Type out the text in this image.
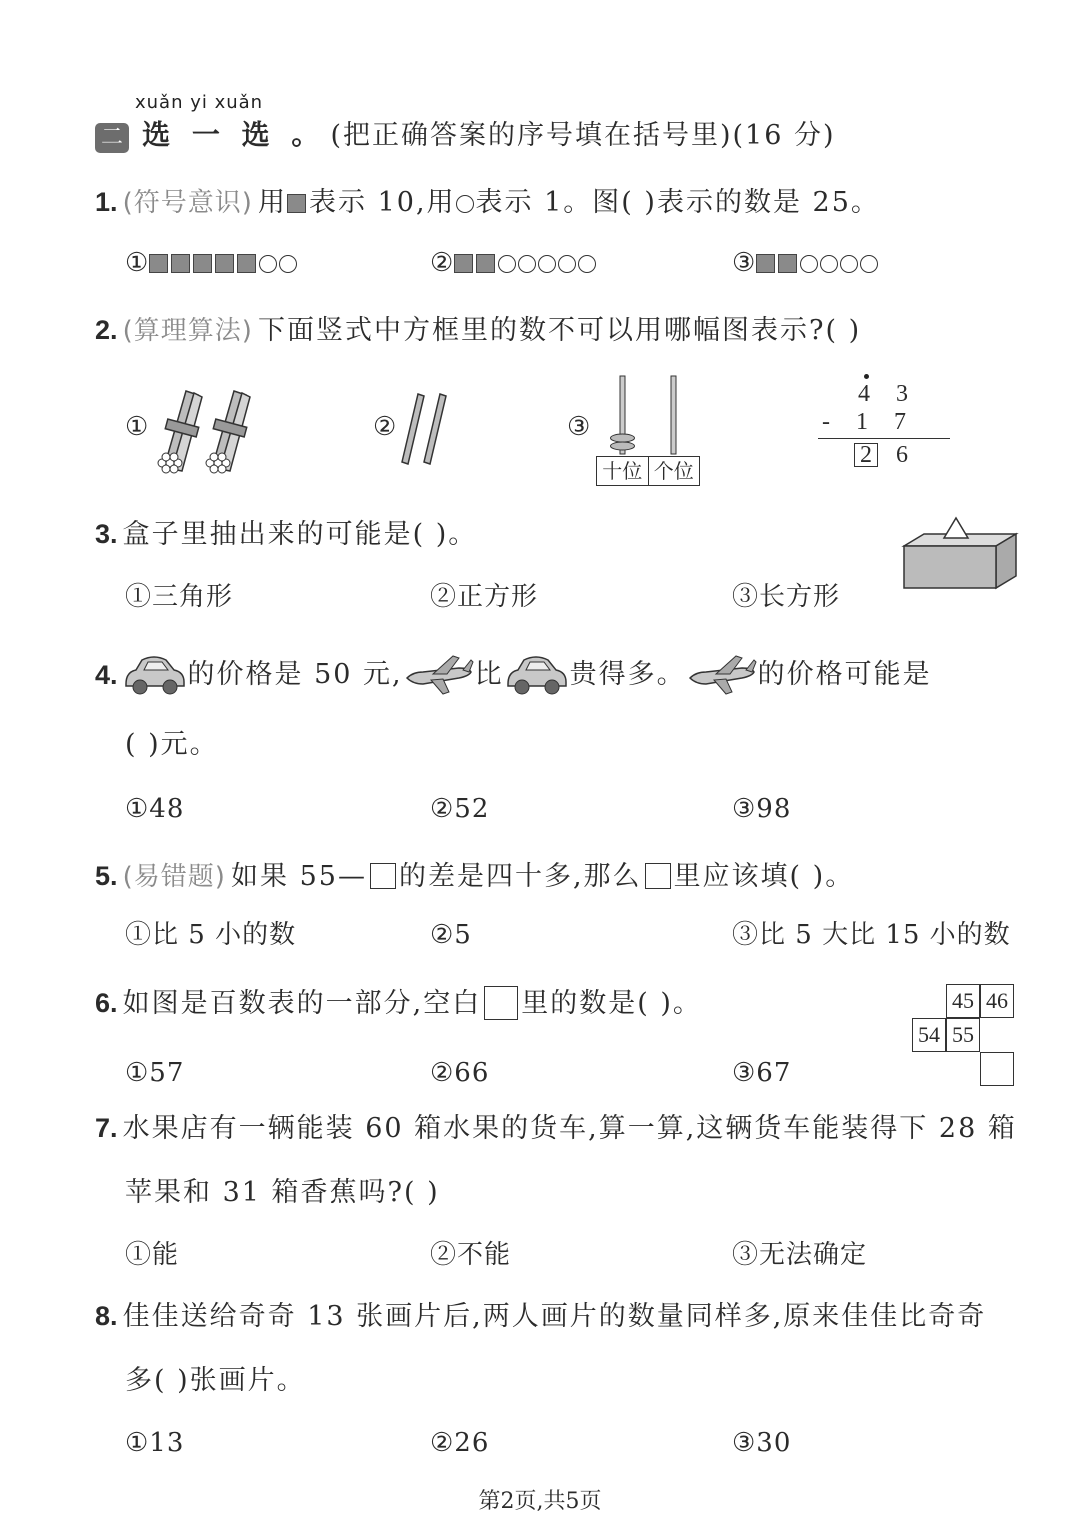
xuǎn yi xuǎn
二 选 一 选 。 (把正确答案的序号填在括号里)(16 分)
1. (符号意识) 用 表示 10,用 表示 1。图( )表示的数是 25。
①	②	③
2. (算理算法) 下面竖式中方框里的数不可以用哪幅图表示?( )
①	②	③
十位 个位
4 3
- 1 7
2 6
3. 盒子里抽出来的可能是( )。
①三角形	②正方形	③长方形
4.	的价格是 50 元,	比 贵得多。	的价格可能是
( )元。
①48	②52	③98
5. (易错题) 如果 55— 的差是四十多,那么 里应该填( )。
①比 5 小的数	②5	③比 5 大比 15 小的数
6. 如图是百数表的一部分,空白 里的数是( )。	45 46
54 55
①57	②66	③67
7. 水果店有一辆能装 60 箱水果的货车,算一算,这辆货车能装得下 28 箱
苹果和 31 箱香蕉吗?( )
①能	②不能	③无法确定
8. 佳佳送给奇奇 13 张画片后,两人画片的数量同样多,原来佳佳比奇奇
多( )张画片。
①13	②26	③30
第2页,共5页
